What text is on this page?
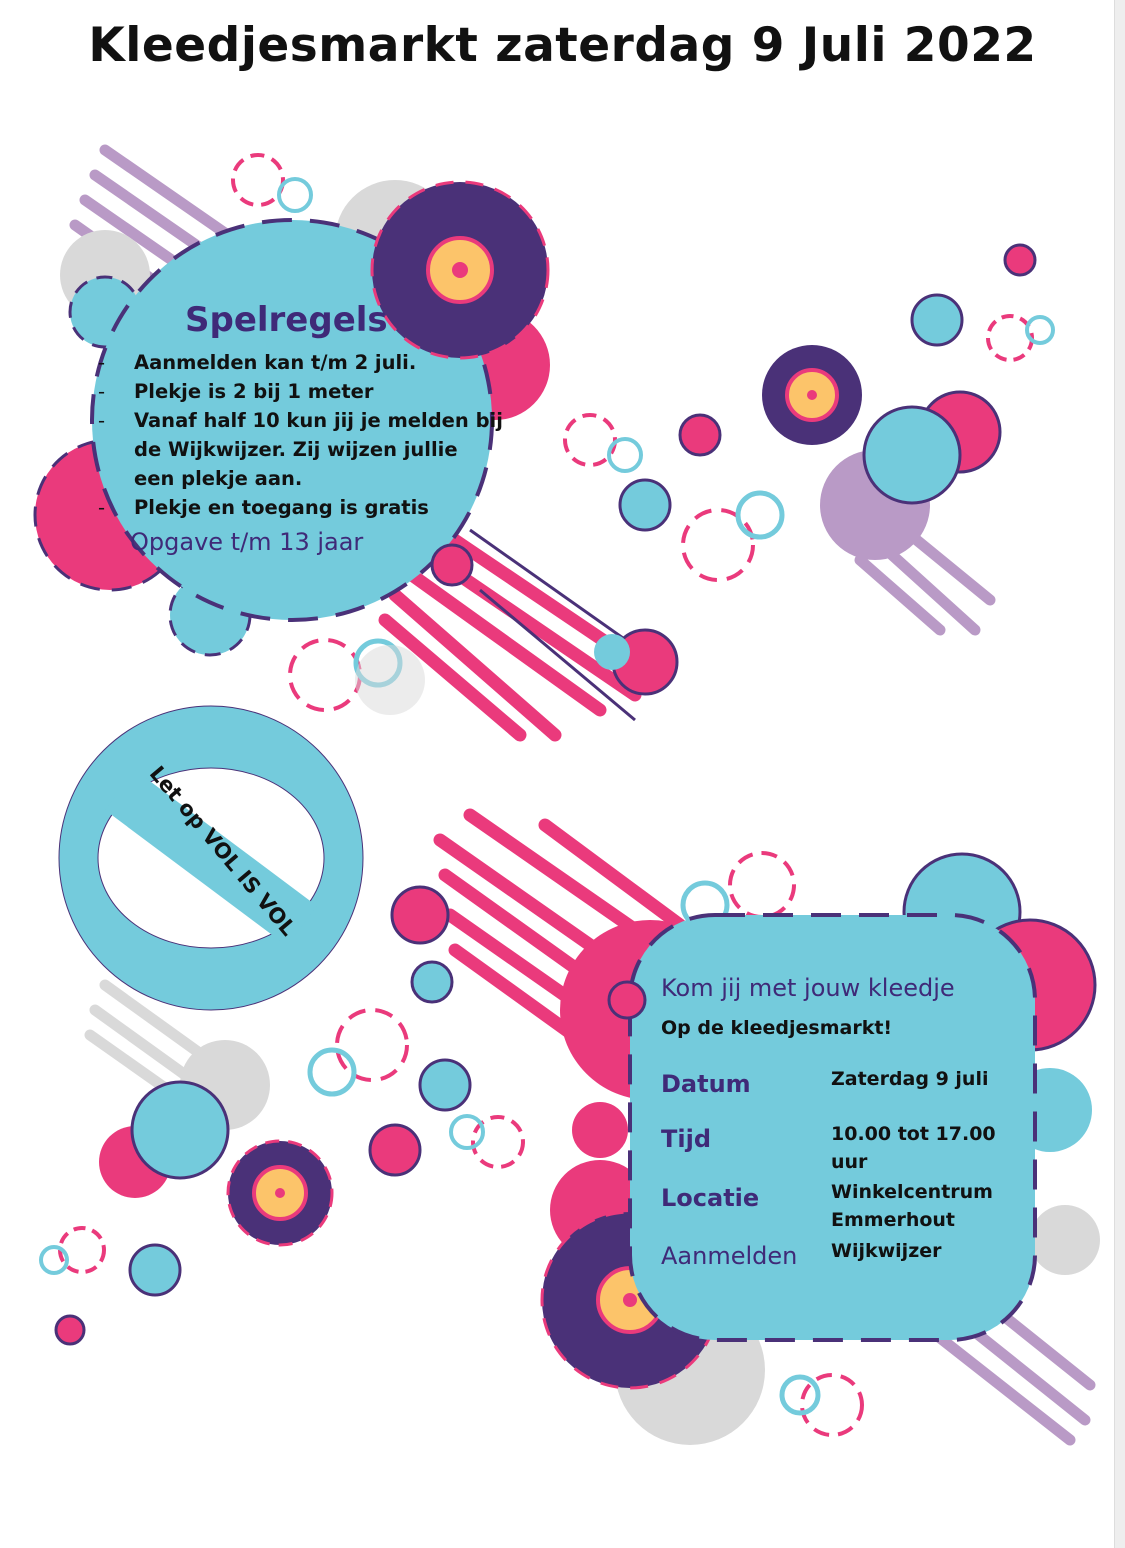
Kleedjesmarkt zaterdag 9 Juli 2022
Spelregels
- Aanmelden kan t/m 2 juli.
- Plekje is 2 bij 1 meter
- Vanaf half 10 kun jij je melden bij de Wijkwijzer. Zij wijzen jullie een plekje aan.
- Plekje en toegang is gratis
Opgave t/m 13 jaar
Let op VOL IS VOL
Kom jij met jouw kleedje
Op de kleedjesmarkt!
Datum	Zaterdag 9 juli
Tijd	10.00 tot 17.00 uur
Locatie	Winkelcentrum Emmerhout
Aanmelden Wijkwijzer
